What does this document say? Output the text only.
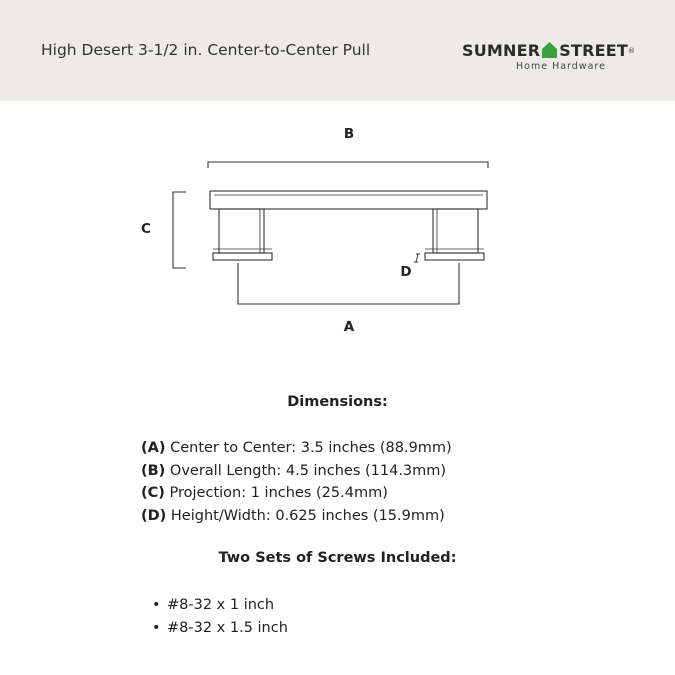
High Desert 3-1/2 in. Center-to-Center Pull	SUMNER STREET®
Home Hardware
B
C
D
A
Dimensions:
(A) Center to Center: 3.5 inches (88.9mm)
(B) Overall Length: 4.5 inches (114.3mm)
(C) Projection: 1 inches (25.4mm)
(D) Height/Width: 0.625 inches (15.9mm)
Two Sets of Screws Included:
• #8-32 x 1 inch
• #8-32 x 1.5 inch
